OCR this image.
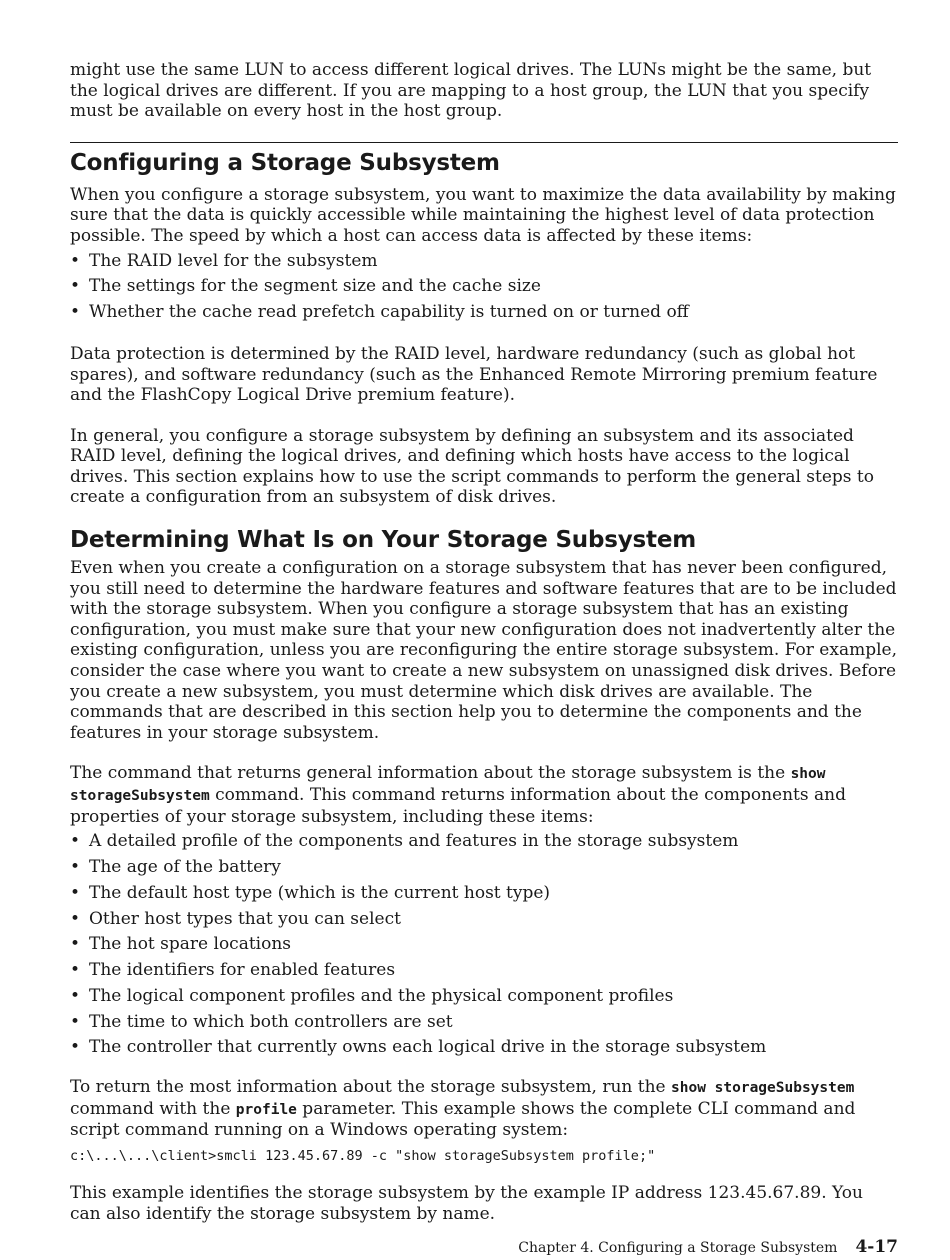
might use the same LUN to access different logical drives. The LUNs might be the same, but the logical drives are different. If you are mapping to a host group, the LUN that you specify must be available on every host in the host group.

Configuring a Storage Subsystem

When you configure a storage subsystem, you want to maximize the data availability by making sure that the data is quickly accessible while maintaining the highest level of data protection possible. The speed by which a host can access data is affected by these items:

• The RAID level for the subsystem
• The settings for the segment size and the cache size
• Whether the cache read prefetch capability is turned on or turned off

Data protection is determined by the RAID level, hardware redundancy (such as global hot spares), and software redundancy (such as the Enhanced Remote Mirroring premium feature and the FlashCopy Logical Drive premium feature).

In general, you configure a storage subsystem by defining an subsystem and its associated RAID level, defining the logical drives, and defining which hosts have access to the logical drives. This section explains how to use the script commands to perform the general steps to create a configuration from an subsystem of disk drives.

Determining What Is on Your Storage Subsystem

Even when you create a configuration on a storage subsystem that has never been configured, you still need to determine the hardware features and software features that are to be included with the storage subsystem. When you configure a storage subsystem that has an existing configuration, you must make sure that your new configuration does not inadvertently alter the existing configuration, unless you are reconfiguring the entire storage subsystem. For example, consider the case where you want to create a new subsystem on unassigned disk drives. Before you create a new subsystem, you must determine which disk drives are available. The commands that are described in this section help you to determine the components and the features in your storage subsystem.

The command that returns general information about the storage subsystem is the show storageSubsystem command. This command returns information about the components and properties of your storage subsystem, including these items:

• A detailed profile of the components and features in the storage subsystem
• The age of the battery
• The default host type (which is the current host type)
• Other host types that you can select
• The hot spare locations
• The identifiers for enabled features
• The logical component profiles and the physical component profiles
• The time to which both controllers are set
• The controller that currently owns each logical drive in the storage subsystem

To return the most information about the storage subsystem, run the show storageSubsystem command with the profile parameter. This example shows the complete CLI command and script command running on a Windows operating system:

c:\...\...\client>smcli 123.45.67.89 -c "show storageSubsystem profile;"

This example identifies the storage subsystem by the example IP address 123.45.67.89. You can also identify the storage subsystem by name.

Chapter 4. Configuring a Storage Subsystem 4-17
